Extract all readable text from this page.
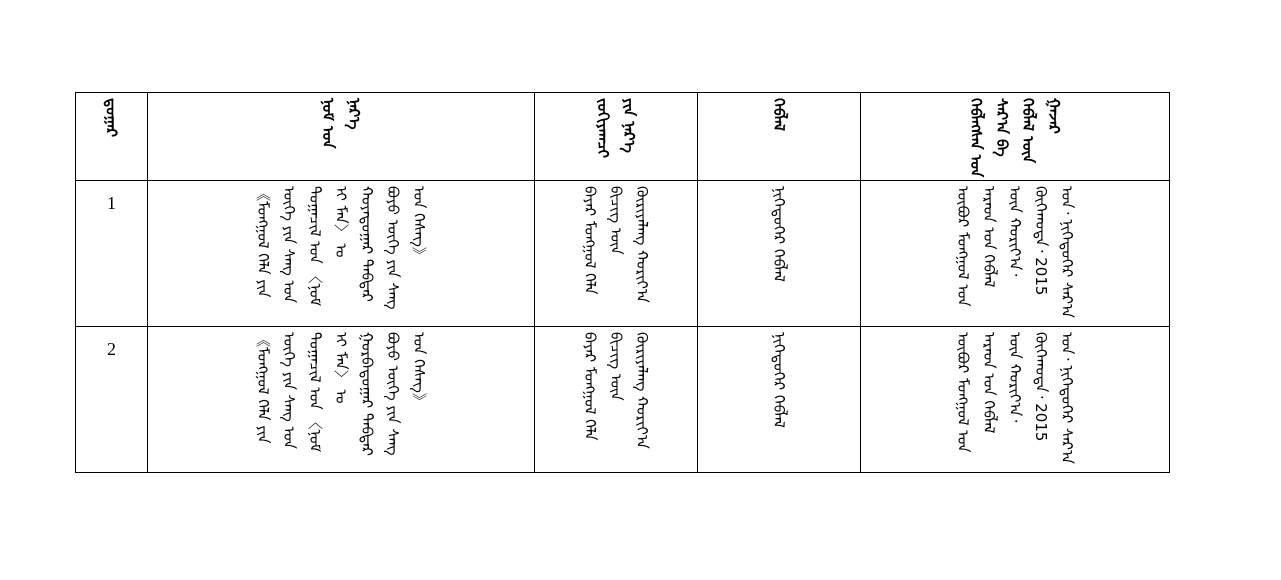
ᠳ᠋ᠤᠭᠠᠷ	ᠨᠣᠮ ᠤᠨ ᠨᠡᠷ᠎ᠡ	ᠵᠣᠬᠢᠶᠠᠭᠴᠢ ᠶᠢᠨ ᠨᠡᠷ᠎ᠡ	ᠬᠡᠪᠯᠡᠯ	ᠬᠡᠪᠯᠡᠭᠰᠡᠨ ᠣᠨ ᠰᠠᠷ᠎ᠠ ᠪᠠ ᠬᠡᠪᠯᠡᠯ ᠦᠨ ᠭᠠᠵᠠᠷ

1	《ᠮᠣᠩᠭᠣᠯ ᠬᠡᠯᠡ ᠶᠢᠨ ᠦᠭᠡ ᠶᠢᠨ ᠰᠠᠩ ᠤᠨ ᠲᠣᠭᠠᠴᠢᠯ ᠤᠨ 〈ᠨᠣᠮ ᠢ ᠮᠠᠨ〉 ᠤ ᠬᠣᠶᠠᠳᠤᠭᠠᠷ ᠳᠡᠪᠲᠡᠷ ᠪᠤᠶᠤ ᠦᠭᠡ ᠶᠢᠨ ᠰᠠᠩ ᠤᠨ ᠬᠡᠰᠡᠭ》	ᠪᠠᠶᠠᠷ ᠮᠣᠩᠭᠣᠯ ᠬᠡᠯᠡ ᠪᠢᠴᠢᠭ ᠦᠨ ᠬᠦᠷᠢᠶᠡᠯᠡᠩ ᠬᠣᠷᠢᠶ᠎ᠠ	ᠨᠢᠭᠡᠳᠦᠭᠡᠷ ᠬᠡᠪᠯᠡᠯ	ᠦᠪᠦᠷ ᠮᠣᠩᠭᠣᠯ ᠤᠨ ᠠᠷᠠᠳ ᠤᠨ ᠬᠡᠪᠯᠡᠯ ᠦᠨ ᠬᠣᠷᠢᠶ᠎ᠠ᠂ ᠬᠥᠬᠡᠬᠣᠲᠠ᠂ 2015 ᠣᠨ᠂ ᠨᠢᠭᠡᠳᠦᠭᠡᠷ ᠰᠠᠷ᠎ᠠ

2	《ᠮᠣᠩᠭᠣᠯ ᠬᠡᠯᠡ ᠶᠢᠨ ᠦᠭᠡ ᠶᠢᠨ ᠰᠠᠩ ᠤᠨ ᠲᠣᠭᠠᠴᠢᠯ ᠤᠨ 〈ᠨᠣᠮ ᠢ ᠮᠠᠨ〉 ᠤ ᠭᠤᠷᠪᠠᠳᠤᠭᠠᠷ ᠳᠡᠪᠲᠡᠷ ᠪᠤᠶᠤ ᠦᠭᠡ ᠶᠢᠨ ᠰᠠᠩ ᠤᠨ ᠬᠡᠰᠡᠭ》	ᠪᠠᠶᠠᠷ ᠮᠣᠩᠭᠣᠯ ᠬᠡᠯᠡ ᠪᠢᠴᠢᠭ ᠦᠨ ᠬᠦᠷᠢᠶᠡᠯᠡᠩ ᠬᠣᠷᠢᠶ᠎ᠠ	ᠨᠢᠭᠡᠳᠦᠭᠡᠷ ᠬᠡᠪᠯᠡᠯ	ᠦᠪᠦᠷ ᠮᠣᠩᠭᠣᠯ ᠤᠨ ᠠᠷᠠᠳ ᠤᠨ ᠬᠡᠪᠯᠡᠯ ᠦᠨ ᠬᠣᠷᠢᠶ᠎ᠠ᠂ ᠬᠥᠬᠡᠬᠣᠲᠠ᠂ 2015 ᠣᠨ᠂ ᠨᠢᠭᠡᠳᠦᠭᠡᠷ ᠰᠠᠷ᠎ᠠ
